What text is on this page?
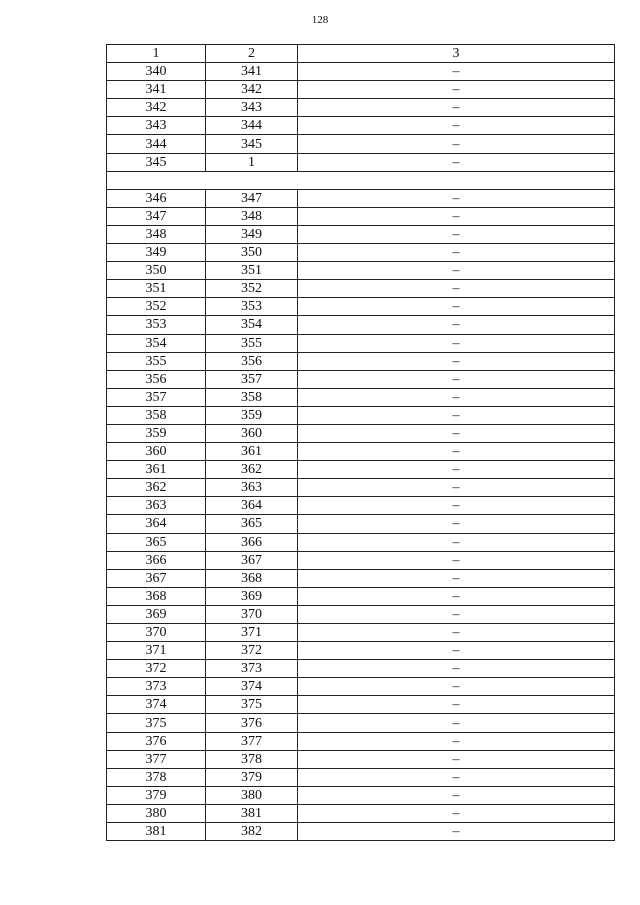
128
1	2	3
340	341	–
341	342	–
342	343	–
343	344	–
344	345	–
345	1	–

346	347	–
347	348	–
348	349	–
349	350	–
350	351	–
351	352	–
352	353	–
353	354	–
354	355	–
355	356	–
356	357	–
357	358	–
358	359	–
359	360	–
360	361	–
361	362	–
362	363	–
363	364	–
364	365	–
365	366	–
366	367	–
367	368	–
368	369	–
369	370	–
370	371	–
371	372	–
372	373	–
373	374	–
374	375	–
375	376	–
376	377	–
377	378	–
378	379	–
379	380	–
380	381	–
381	382	–
